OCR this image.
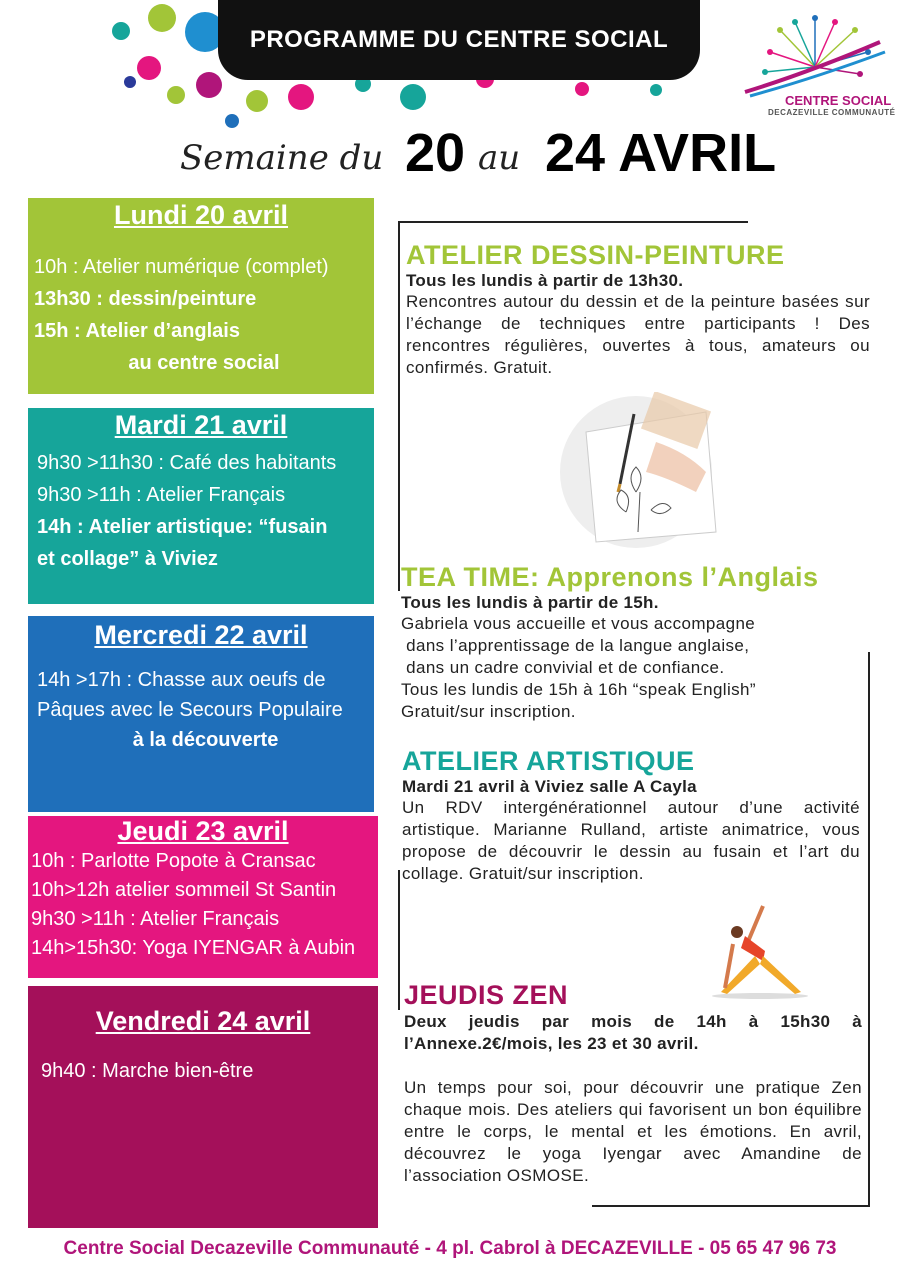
PROGRAMME DU CENTRE SOCIAL
CENTRE SOCIAL
DECAZEVILLE COMMUNAUTÉ
Semaine du 20 au 24 AVRIL
Lundi 20 avril
10h : Atelier numérique (complet)
13h30 : dessin/peinture
15h : Atelier d’anglais
au centre social
Mardi 21 avril
9h30 >11h30 : Café des habitants
9h30 >11h : Atelier Français
14h : Atelier artistique: “fusain
et collage” à Viviez
Mercredi 22 avril
14h >17h : Chasse aux oeufs de
Pâques avec le Secours Populaire
à la découverte
Jeudi 23 avril
10h : Parlotte Popote à Cransac
10h>12h atelier sommeil St Santin
9h30 >11h : Atelier Français
14h>15h30: Yoga IYENGAR à Aubin
Vendredi 24 avril
9h40 : Marche bien-être
ATELIER DESSIN-PEINTURE
Tous les lundis à partir de 13h30.

Rencontres autour du dessin et de la peinture basées sur l’échange de techniques entre participants ! Des rencontres régulières, ouvertes à tous, amateurs ou confirmés. Gratuit.

TEA TIME: Apprenons l’Anglais
Tous les lundis à partir de 15h.

Gabriela vous accueille et vous accompagne

dans l’apprentissage de la langue anglaise,

dans un cadre convivial et de confiance.

Tous les lundis de 15h à 16h “speak English”

Gratuit/sur inscription.

ATELIER ARTISTIQUE
Mardi 21 avril à Viviez salle A Cayla

Un RDV intergénérationnel autour d’une activité artistique. Marianne Rulland, artiste animatrice, vous propose de découvrir le dessin au fusain et l’art du collage. Gratuit/sur inscription.

JEUDIS ZEN
Deux jeudis par mois de 14h à 15h30 à l’Annexe.2€/mois, les 23 et 30 avril.

Un temps pour soi, pour découvrir une pratique Zen chaque mois. Des ateliers qui favorisent un bon équilibre entre le corps, le mental et les émotions. En avril, découvrez le yoga Iyengar avec Amandine de l’association OSMOSE.

Centre Social Decazeville Communauté - 4 pl. Cabrol à DECAZEVILLE - 05 65 47 96 73
